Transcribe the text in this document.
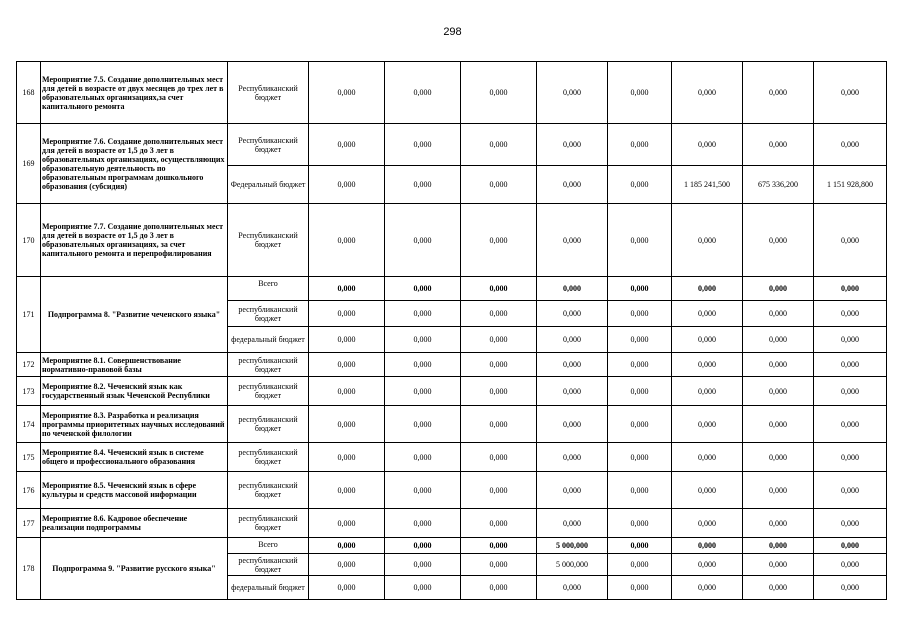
298
168	Мероприятие 7.5. Создание дополнительных мест для детей в возрасте от двух месяцев до трех лет в образовательных организациях,за счет капитального ремонта	Республиканский бюджет	0,000	0,000	0,000	0,000	0,000	0,000	0,000	0,000
169	Мероприятие 7.6. Создание дополнительных мест для детей в возрасте от 1,5 до 3 лет в образовательных организациях, осуществляющих образовательную деятельность по образовательным программам дошкольного образования (субсидия)	Республиканский бюджет	0,000	0,000	0,000	0,000	0,000	0,000	0,000	0,000
		Федеральный бюджет	0,000	0,000	0,000	0,000	0,000	1 185 241,500	675 336,200	1 151 928,800
170	Мероприятие 7.7. Создание дополнительных мест для детей в возрасте от 1,5 до 3 лет в образовательных организациях, за счет капитального ремонта и перепрофилирования	Республиканский бюджет	0,000	0,000	0,000	0,000	0,000	0,000	0,000	0,000
171	Подпрограмма 8. "Развитие чеченского языка"	Всего	0,000	0,000	0,000	0,000	0,000	0,000	0,000	0,000
		республиканский бюджет	0,000	0,000	0,000	0,000	0,000	0,000	0,000	0,000
		федеральный бюджет	0,000	0,000	0,000	0,000	0,000	0,000	0,000	0,000
172	Мероприятие 8.1. Совершенствование нормативно-правовой базы	республиканский бюджет	0,000	0,000	0,000	0,000	0,000	0,000	0,000	0,000
173	Мероприятие 8.2. Чеченский язык как государственный язык Чеченской Республики	республиканский бюджет	0,000	0,000	0,000	0,000	0,000	0,000	0,000	0,000
174	Мероприятие 8.3. Разработка и реализация программы приоритетных научных исследований по чеченской филологии	республиканский бюджет	0,000	0,000	0,000	0,000	0,000	0,000	0,000	0,000
175	Мероприятие 8.4. Чеченский язык в системе общего и профессионального образования	республиканский бюджет	0,000	0,000	0,000	0,000	0,000	0,000	0,000	0,000
176	Мероприятие 8.5. Чеченский язык в сфере культуры и средств массовой информации	республиканский бюджет	0,000	0,000	0,000	0,000	0,000	0,000	0,000	0,000
177	Мероприятие 8.6. Кадровое обеспечение реализации подпрограммы	республиканский бюджет	0,000	0,000	0,000	0,000	0,000	0,000	0,000	0,000
178	Подпрограмма 9. "Развитие русского языка"	Всего	0,000	0,000	0,000	5 000,000	0,000	0,000	0,000	0,000
		республиканский бюджет	0,000	0,000	0,000	5 000,000	0,000	0,000	0,000	0,000
		федеральный бюджет	0,000	0,000	0,000	0,000	0,000	0,000	0,000	0,000
